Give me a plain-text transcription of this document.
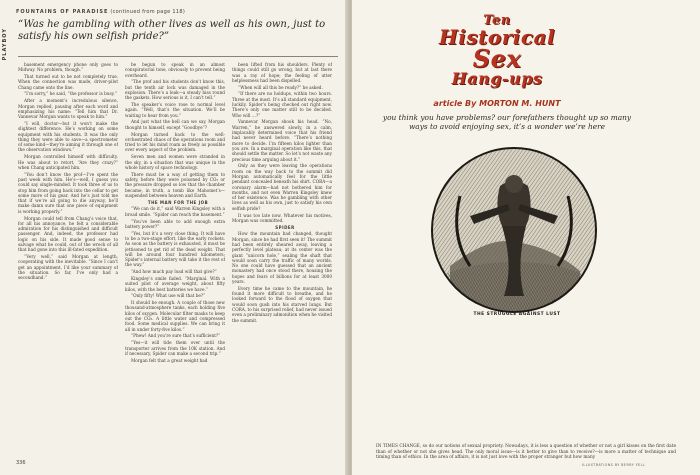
PLAYBOY
FOUNTAINS OF PARADISE (continued from page 118)
“Was he gambling with other lives as well as his own, just to satisfy his own selfish pride?”

basement emergency phone only goes to Midway. No problem, though.”

That turned out to be not completely true. When the connection was made, driver-pilot Chang came onto the line.

“I’m sorry,” he said, “the professor is busy.”

After a moment’s incredulous silence, Morgan replied, pausing after each word and emphasizing his name: “Tell him that Dr. Vannevar Morgan wants to speak to him.”

“I will, doctor—but it won’t make the slightest difference. He’s working on some equipment with his students. It was the only thing they were able to save—a spectrometer of some kind—they’re aiming it through one of the observation windows.”

Morgan controlled himself with difficulty. He was about to retort, “Are they crazy?” when Chang anticipated him.

“You don’t know the prof—I’ve spent the past week with him. He’s—well, I guess you could say single-minded. It took three of us to stop him from going back into the cellar to get some more of his gear. And he’s just told me that if we’re all going to die anyway, he’ll make damn sure that one piece of equipment is working properly.”

Morgan could tell from Chang’s voice that, for all his annoyance, he felt a considerable admiration for his distinguished and difficult passenger. And, indeed, the professor had logic on his side. It made good sense to salvage what he could, out of the wreck of all that had gone into this ill-fated expedition.

“Very well,” said Morgan at length, cooperating with the inevitable. “Since I can’t get an appointment, I’d like your summary of the situation. So far, I’ve only had a secondhand.”

be begun to speak in an almost conspiratorial tone, obviously to prevent being overheard.

“The prof and his students don’t know this, but the tenth air lock was damaged in the explosion. There’s a leak—a steady hiss round the gaskets. How serious is it, I can’t tell.”

The speaker’s voice rose to normal level again. “Well, that’s the situation. We’ll be waiting to hear from you.”

And just what the hell can we say, Morgan thought to himself, except “Goodbye”?

Morgan turned back to the well-orchestrated chaos of the operations room and tried to let his mind roam as freely as possible over every aspect of the problem.

Seven men and women were stranded in the sky, in a situation that was unique in the whole history of space technology.

There must be a way of getting them to safety, before they were poisoned by CO₂ or the pressure dropped so low that the chamber became, in truth, a tomb like Mahomet’s—suspended between heaven and Earth.

THE MAN FOR THE JOB

“We can do it,” said Warren Kingsley with a broad smile. “Spider can reach the basement.”

“You’ve been able to add enough extra battery power?”

“Yes, but it’s a very close thing. It will have to be a two-stage effort, like the early rockets. As soon as the battery is exhausted, it must be jettisoned to get rid of the dead weight. That will be around four hundred kilometers; Spider’s internal battery will take it the rest of the way.”

“And how much pay load will that give?”

Kingsley’s smile faded. “Marginal. With a suited pilot of average weight, about fifty kilos, with the best batteries we have.”

“Only fifty! What use will that be?”

It should be enough. A couple of those new thousand-atmosphere tanks, each holding five kilos of oxygen. Molecular filter masks to keep out the CO₂. A little water and compressed food. Some medical supplies. We can bring it all in under forty-five kilos.”

“Phew! And you’re sure that’s sufficient?”

“Yes—it will tide them over until the transporter arrives from the 10K station. And if necessary, Spider can make a second trip.”

Morgan felt that a great weight had

been lifted from his shoulders. Plenty of things could still go wrong, but at last there was a ray of hope; the feeling of utter helplessness had been dispelled.

“When will all this be ready?” he asked.

“If there are no holdups, within two hours. Three at the most. It’s all standard equipment, luckily. Spider’s being checked out right now. There’s only one matter still to be decided. Who will …?”

Vannevar Morgan shook his head. “No, Warren,” he answered slowly, in a calm, implacably determined voice that his friend had never heard before. “There’s nothing more to decide. I’m fifteen kilos lighter than you are. In a marginal operation like this, that should settle the matter. So let’s not waste any precious time arguing about it.”

Only as they were leaving the operations room on the way back to the summit did Morgan automatically feel for the little pendant concealed beneath his shirt. CORA—a coronary alarm—had not bothered him for months, and not even Warren Kingsley knew of her existence. Was he gambling with other lives as well as his own, just to satisfy his own selfish pride?

It was too late now. Whatever his motives, Morgan was committed.

SPIDER

How the mountain had changed, thought Morgan, since he had first seen it! The summit had been entirely sheared away, leaving a perfectly level plateau; at its center was the giant “unicorn hole,” sealing the shaft that would soon carry the traffic of many worlds. No one could have guessed that an ancient monastery had once stood there, housing the hopes and fears of billions for at least 3000 years.

Every time he came to the mountain, he found it more difficult to breathe, and he looked forward to the flood of oxygen that would soon gush into his starved lungs. But CORA, to his surprised relief, had never issued even a preliminary admonition when he visited the summit.

336
Ten
Historical
Sex
Hang-ups
article By MORTON M. HUNT
you think you have problems? our forefathers thought up so many ways to avoid enjoying sex, it’s a wonder we’re here
THE STRUGGLE AGAINST LUST
IN TIMES CHANGE, so do our notions of sexual propriety. Nowadays, it is less a question of whether or not a girl kisses on the first date than of whether or not she gives head. The only moral issue—is it better to give than to receive?—is more a matter of technique and timing than of ethics. In the area of affairs, it is not just love with the proper stranger but how many
ILLUSTRATIONS BY BERRY FELL
